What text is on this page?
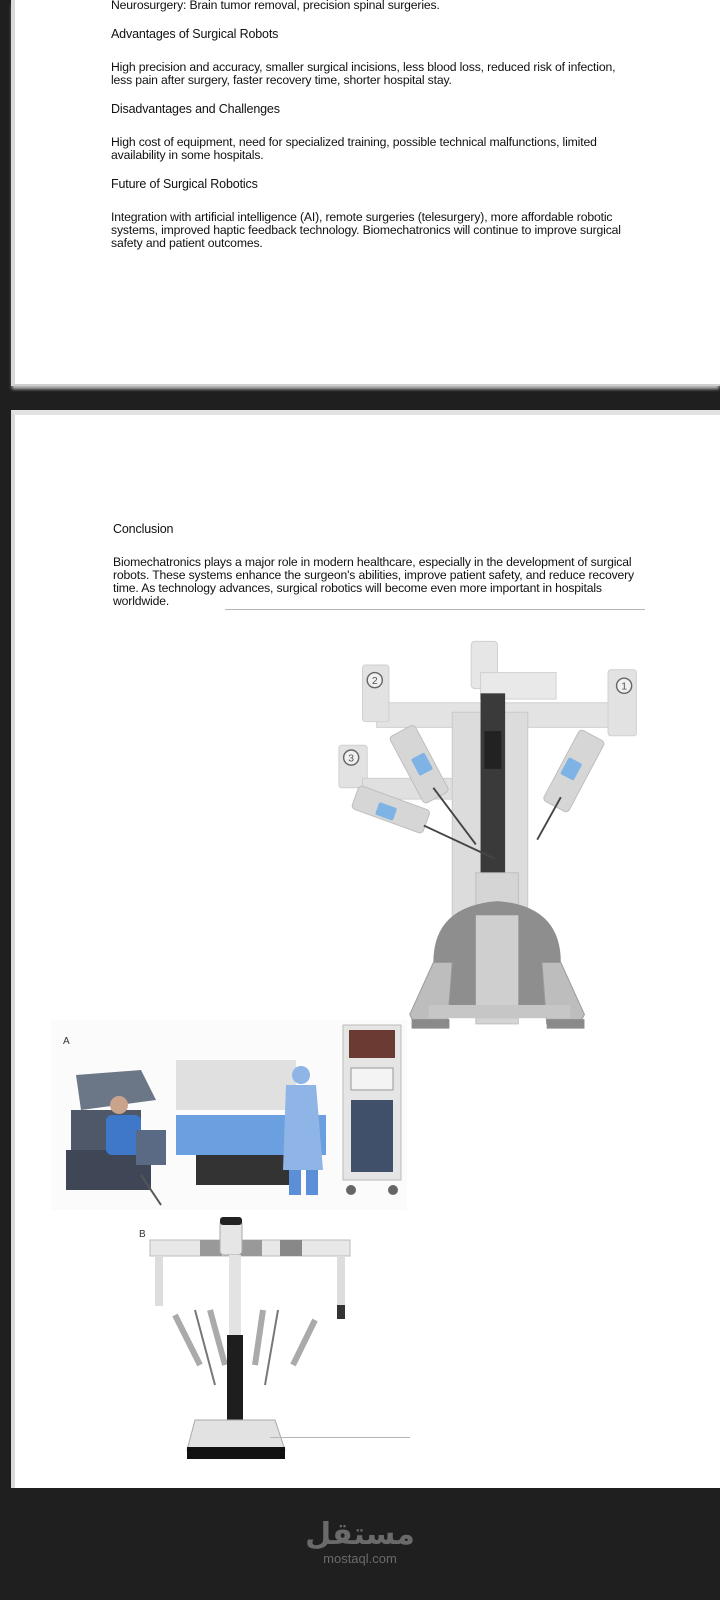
Neurosurgery: Brain tumor removal, precision spinal surgeries.
Advantages of Surgical Robots
High precision and accuracy, smaller surgical incisions, less blood loss, reduced risk of infection,
less pain after surgery, faster recovery time, shorter hospital stay.
Disadvantages and Challenges
High cost of equipment, need for specialized training, possible technical malfunctions, limited
availability in some hospitals.
Future of Surgical Robotics
Integration with artificial intelligence (AI), remote surgeries (telesurgery), more affordable robotic
systems, improved haptic feedback technology. Biomechatronics will continue to improve surgical
safety and patient outcomes.
Conclusion
Biomechatronics plays a major role in modern healthcare, especially in the development of surgical
robots. These systems enhance the surgeon's abilities, improve patient safety, and reduce recovery
time. As technology advances, surgical robotics will become even more important in hospitals
worldwide.
2
1
3
A
B
مستقل
mostaql.com
